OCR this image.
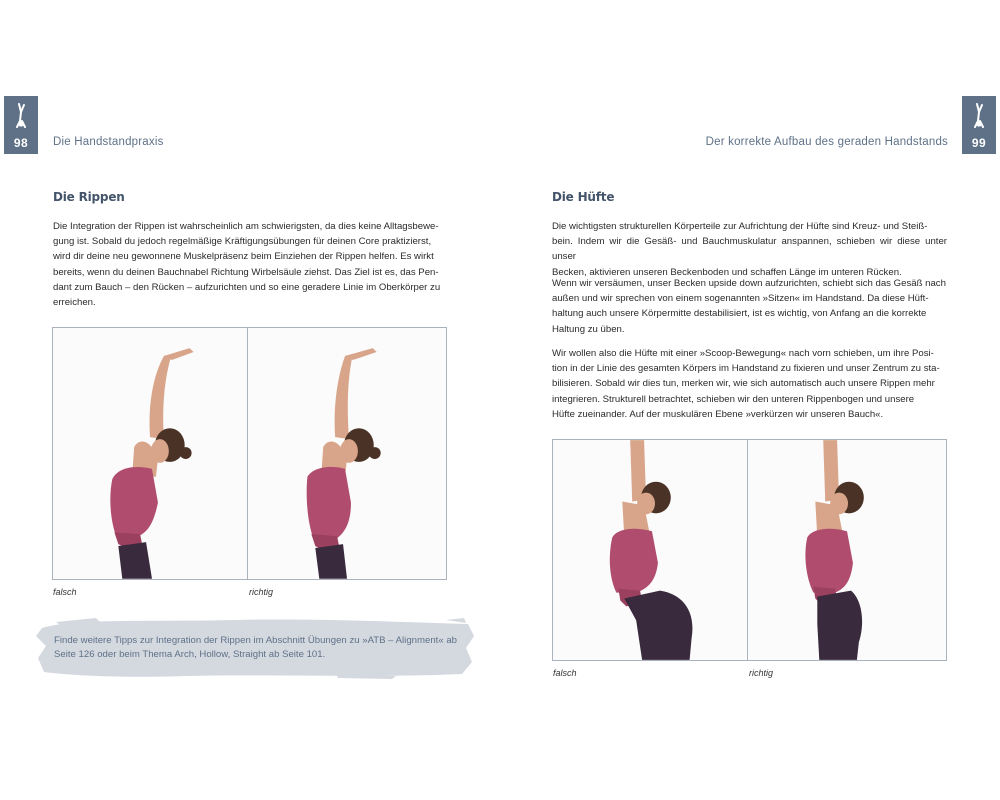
98	Die Handstandpraxis	Der korrekte Aufbau des geraden Handstands	99
Die Rippen
Die Integration der Rippen ist wahrscheinlich am schwierigsten, da dies keine Alltagsbewe-
gung ist. Sobald du jedoch regelmäßige Kräftigungsübungen für deinen Core praktizierst,
wird dir deine neu gewonnene Muskelpräsenz beim Einziehen der Rippen helfen. Es wirkt
bereits, wenn du deinen Bauchnabel Richtung Wirbelsäule ziehst. Das Ziel ist es, das Pen-
dant zum Bauch – den Rücken – aufzurichten und so eine geradere Linie im Oberkörper zu
erreichen.
falsch	richtig
Finde weitere Tipps zur Integration der Rippen im Abschnitt Übungen zu »ATB – Alignment« ab
Seite 126 oder beim Thema Arch, Hollow, Straight ab Seite 101.
Die Hüfte
Die wichtigsten strukturellen Körperteile zur Aufrichtung der Hüfte sind Kreuz- und Steiß-
bein. Indem wir die Gesäß- und Bauchmuskulatur anspannen, schieben wir diese unter unser
Becken, aktivieren unseren Beckenboden und schaffen Länge im unteren Rücken.
Wenn wir versäumen, unser Becken upside down aufzurichten, schiebt sich das Gesäß nach
außen und wir sprechen von einem sogenannten »Sitzen« im Handstand. Da diese Hüft-
haltung auch unsere Körpermitte destabilisiert, ist es wichtig, von Anfang an die korrekte
Haltung zu üben.
Wir wollen also die Hüfte mit einer »Scoop-Bewegung« nach vorn schieben, um ihre Posi-
tion in der Linie des gesamten Körpers im Handstand zu fixieren und unser Zentrum zu sta-
bilisieren. Sobald wir dies tun, merken wir, wie sich automatisch auch unsere Rippen mehr
integrieren. Strukturell betrachtet, schieben wir den unteren Rippenbogen und unsere
Hüfte zueinander. Auf der muskulären Ebene »verkürzen wir unseren Bauch«.
falsch	richtig
